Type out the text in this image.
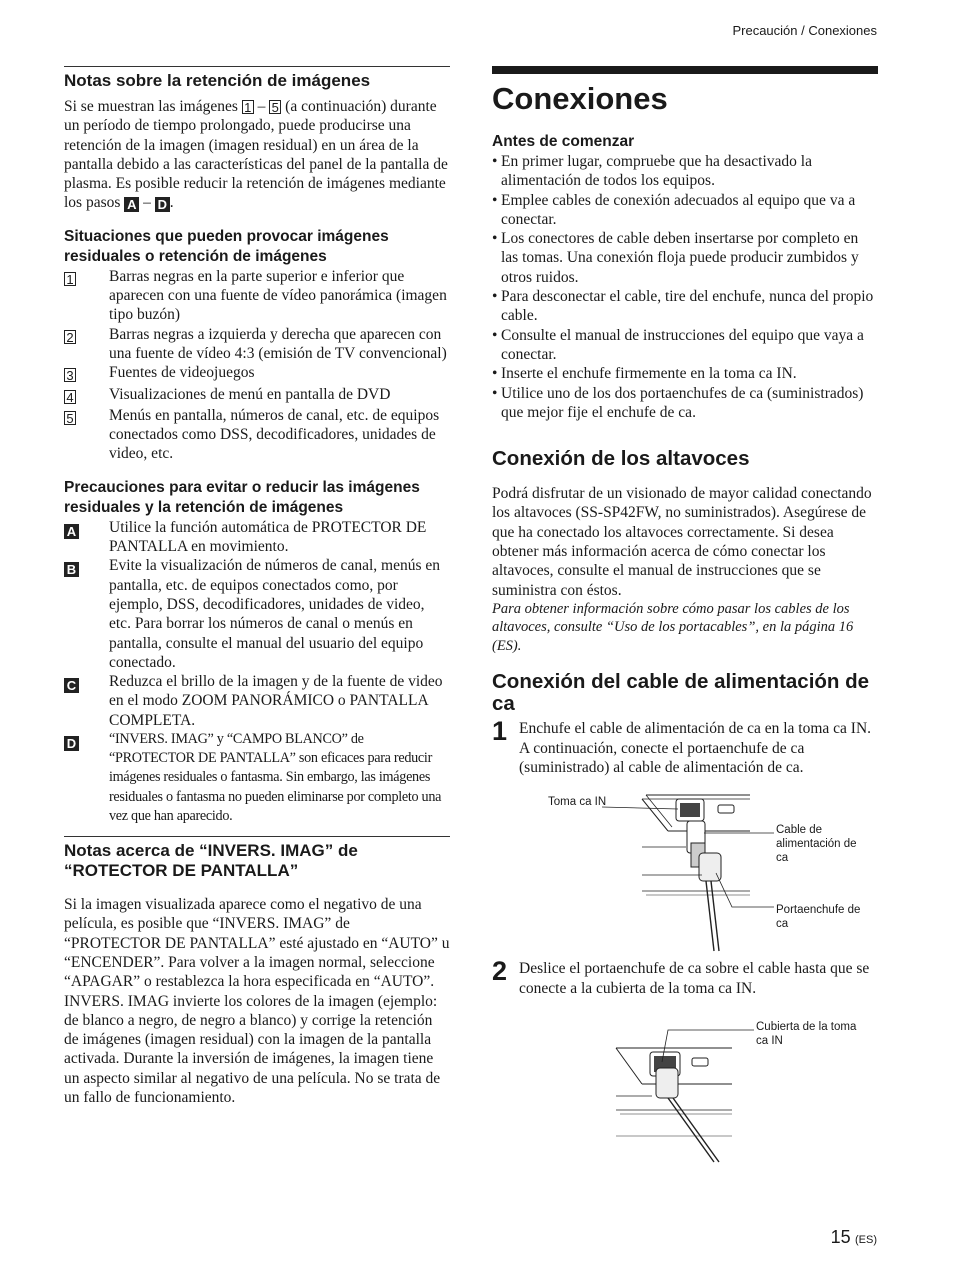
Precaución / Conexiones
Notas sobre la retención de imágenes

Si se muestran las imágenes 1 – 5 (a continuación) durante un período de tiempo prolongado, puede producirse una retención de la imagen (imagen residual) en un área de la pantalla debido a las características del panel de la pantalla de plasma. Es posible reducir la retención de imágenes mediante los pasos A – D .

Situaciones que pueden provocar imágenes residuales o retención de imágenes
1	Barras negras en la parte superior e inferior que aparecen con una fuente de vídeo panorámica (imagen tipo buzón)
2	Barras negras a izquierda y derecha que aparecen con una fuente de vídeo 4:3 (emisión de TV convencional)
3	Fuentes de videojuegos
4	Visualizaciones de menú en pantalla de DVD
5	Menús en pantalla, números de canal, etc. de equipos conectados como DSS, decodificadores, unidades de video, etc.
Precauciones para evitar o reducir las imágenes residuales y la retención de imágenes
A	Utilice la función automática de PROTECTOR DE PANTALLA en movimiento.
B	Evite la visualización de números de canal, menús en pantalla, etc. de equipos conectados como, por ejemplo, DSS, decodificadores, unidades de video, etc. Para borrar los números de canal o menús en pantalla, consulte el manual del usuario del equipo conectado.
C	Reduzca el brillo de la imagen y de la fuente de video en el modo ZOOM PANORÁMICO o PANTALLA COMPLETA.
D	“INVERS. IMAG” y “CAMPO BLANCO” de “PROTECTOR DE PANTALLA” son eficaces para reducir imágenes residuales o fantasma. Sin embargo, las imágenes residuales o fantasma no pueden eliminarse por completo una vez que han aparecido.
Notas acerca de “INVERS. IMAG” de “ROTECTOR DE PANTALLA”

Si la imagen visualizada aparece como el negativo de una película, es posible que “INVERS. IMAG” de “PROTECTOR DE PANTALLA” esté ajustado en “AUTO” u “ENCENDER”. Para volver a la imagen normal, seleccione “APAGAR” o restablezca la hora especificada en “AUTO”.

INVERS. IMAG invierte los colores de la imagen (ejemplo: de blanco a negro, de negro a blanco) y corrige la retención de imágenes (imagen residual) con la imagen de la pantalla activada. Durante la inversión de imágenes, la imagen tiene un aspecto similar al negativo de una película. No se trata de un fallo de funcionamiento.

Conexiones
Antes de comenzar
• En primer lugar, compruebe que ha desactivado la alimentación de todos los equipos.
• Emplee cables de conexión adecuados al equipo que va a conectar.
• Los conectores de cable deben insertarse por completo en las tomas. Una conexión floja puede producir zumbidos y otros ruidos.
• Para desconectar el cable, tire del enchufe, nunca del propio cable.
• Consulte el manual de instrucciones del equipo que vaya a conectar.
• Inserte el enchufe firmemente en la toma ca IN.
• Utilice uno de los dos portaenchufes de ca (suministrados) que mejor fije el enchufe de ca.
Conexión de los altavoces

Podrá disfrutar de un visionado de mayor calidad conectando los altavoces (SS-SP42FW, no suministrados). Asegúrese de que ha conectado los altavoces correctamente. Si desea obtener más información acerca de cómo conectar los altavoces, consulte el manual de instrucciones que se suministra con éstos.

Para obtener información sobre cómo pasar los cables de los altavoces, consulte “Uso de los portacables”, en la página 16 (ES).

Conexión del cable de alimentación de ca
1 Enchufe el cable de alimentación de ca en la toma ca IN. A continuación, conecte el portaenchufe de ca (suministrado) al cable de alimentación de ca.
Toma ca IN
Cable de alimentación de ca
Portaenchufe de ca
2 Deslice el portaenchufe de ca sobre el cable hasta que se conecte a la cubierta de la toma ca IN.
Cubierta de la toma ca IN
15 (ES)
